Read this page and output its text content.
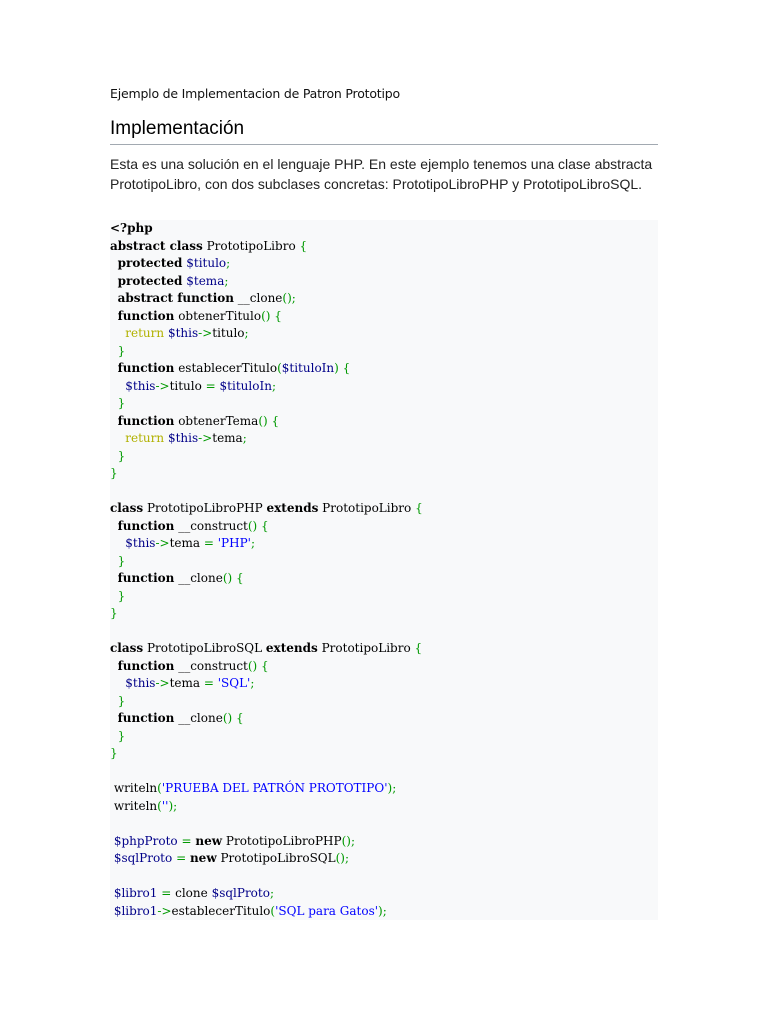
Ejemplo de Implementacion de Patron Prototipo
Implementación
Esta es una solución en el lenguaje PHP. En este ejemplo tenemos una clase abstracta PrototipoLibro, con dos subclases concretas: PrototipoLibroPHP y PrototipoLibroSQL.
<?php
abstract class PrototipoLibro {
protected $titulo;
protected $tema;
abstract function __clone();
function obtenerTitulo() {
return $this->titulo;
}
function establecerTitulo($tituloIn) {
$this->titulo = $tituloIn;
}
function obtenerTema() {
return $this->tema;
}
}

class PrototipoLibroPHP extends PrototipoLibro {
function __construct() {
$this->tema = 'PHP';
}
function __clone() {
}
}

class PrototipoLibroSQL extends PrototipoLibro {
function __construct() {
$this->tema = 'SQL';
}
function __clone() {
}
}

writeln('PRUEBA DEL PATRÓN PROTOTIPO');
writeln('');

$phpProto = new PrototipoLibroPHP();
$sqlProto = new PrototipoLibroSQL();

$libro1 = clone $sqlProto;
$libro1->establecerTitulo('SQL para Gatos');
